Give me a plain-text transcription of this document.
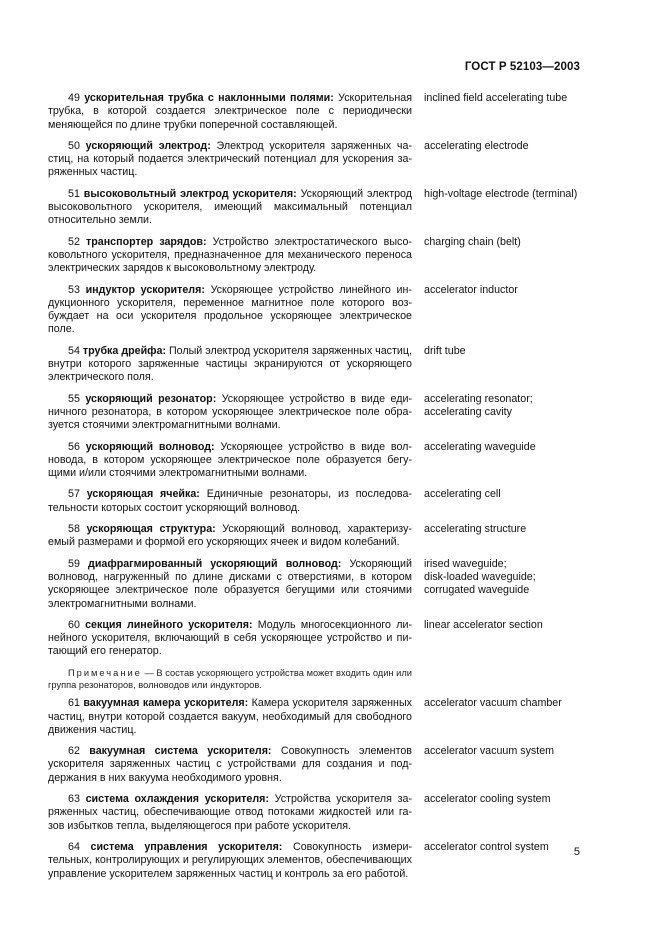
ГОСТ Р 52103—2003
49 ускорительная трубка с наклонными полями: Ускорительная трубка, в которой создается электрическое поле с периодически меняющейся по длине трубки поперечной составляющей.
inclined field accelerating tube
50 ускоряющий электрод: Электрод ускорителя заряженных частиц, на который подается электрический потенциал для ускорения заряженных частиц.
accelerating electrode
51 высоковольтный электрод ускорителя: Ускоряющий электрод высоковольтного ускорителя, имеющий максимальный потенциал относительно земли.
high-voltage electrode (terminal)
52 транспортер зарядов: Устройство электростатического высоковольтного ускорителя, предназначенное для механического переноса электрических зарядов к высоковольтному электроду.
charging chain (belt)
53 индуктор ускорителя: Ускоряющее устройство линейного индукционного ускорителя, переменное магнитное поле которого возбуждает на оси ускорителя продольное ускоряющее электрическое поле.
accelerator inductor
54 трубка дрейфа: Полый электрод ускорителя заряженных частиц, внутри которого заряженные частицы экранируются от ускоряющего электрического поля.
drift tube
55 ускоряющий резонатор: Ускоряющее устройство в виде единичного резонатора, в котором ускоряющее электрическое поле образуется стоячими электромагнитными волнами.
accelerating resonator;
accelerating cavity
56 ускоряющий волновод: Ускоряющее устройство в виде волновода, в котором ускоряющее электрическое поле образуется бегущими и/или стоячими электромагнитными волнами.
accelerating waveguide
57 ускоряющая ячейка: Единичные резонаторы, из последовательности которых состоит ускоряющий волновод.
accelerating cell
58 ускоряющая структура: Ускоряющий волновод, характеризуемый размерами и формой его ускоряющих ячеек и видом колебаний.
accelerating structure
59 диафрагмированный ускоряющий волновод: Ускоряющий волновод, нагруженный по длине дисками с отверстиями, в котором ускоряющее электрическое поле образуется бегущими или стоячими электромагнитными волнами.
irised waveguide;
disk-loaded waveguide;
corrugated waveguide
60 секция линейного ускорителя: Модуль многосекционного линейного ускорителя, включающий в себя ускоряющее устройство и питающий его генератор.
linear accelerator section
Примечание — В состав ускоряющего устройства может входить один или группа резонаторов, волноводов или индукторов.
61 вакуумная камера ускорителя: Камера ускорителя заряженных частиц, внутри которой создается вакуум, необходимый для свободного движения частиц.
accelerator vacuum chamber
62 вакуумная система ускорителя: Совокупность элементов ускорителя заряженных частиц с устройствами для создания и поддержания в них вакуума необходимого уровня.
accelerator vacuum system
63 система охлаждения ускорителя: Устройства ускорителя заряженных частиц, обеспечивающие отвод потоками жидкостей или газов избытков тепла, выделяющегося при работе ускорителя.
accelerator cooling system
64 система управления ускорителя: Совокупность измерительных, контролирующих и регулирующих элементов, обеспечивающих управление ускорителем заряженных частиц и контроль за его работой.
accelerator control system	5
